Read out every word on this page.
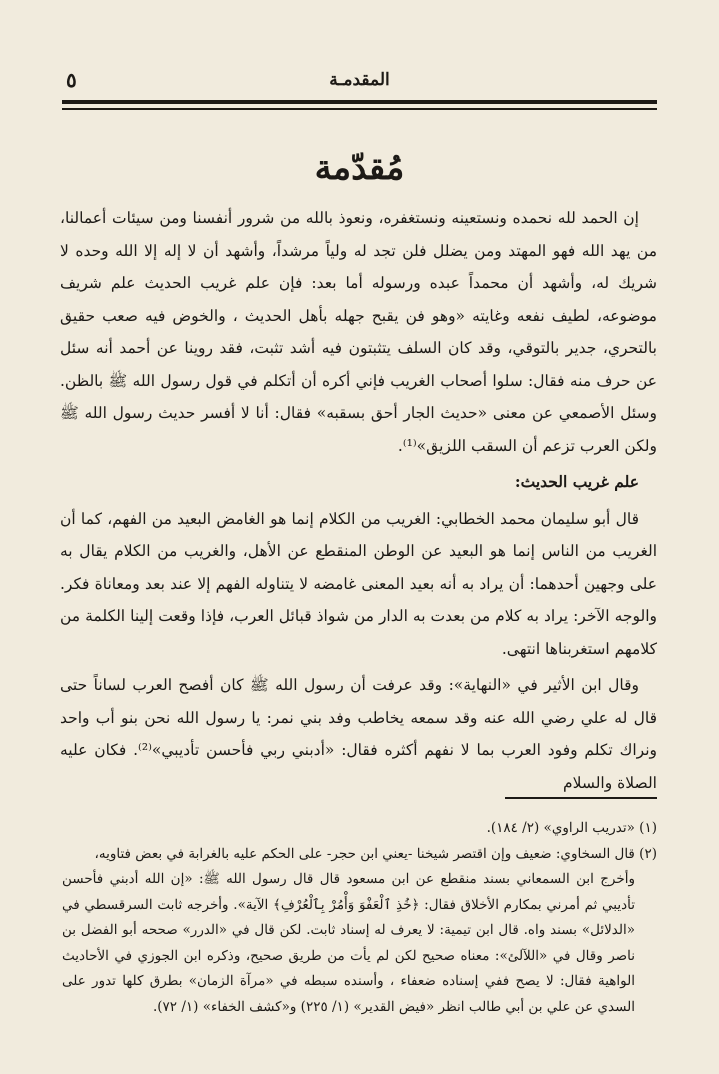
المقدمـة
٥
مُقدّمة

إن الحمد لله نحمده ونستعينه ونستغفره، ونعوذ بالله من شرور أنفسنا ومن سيئات أعمالنا، من يهد الله فهو المهتد ومن يضلل فلن تجد له ولياً مرشداً، وأشهد أن لا إله إلا الله وحده لا شريك له، وأشهد أن محمداً عبده ورسوله أما بعد: فإن علم غريب الحديث علم شريف موضوعه، لطيف نفعه وغايته «وهو فن يقبح جهله بأهل الحديث ، والخوض فيه صعب حقيق بالتحري، جدير بالتوقي، وقد كان السلف يتثبتون فيه أشد تثبت، فقد روينا عن أحمد أنه سئل عن حرف منه فقال: سلوا أصحاب الغريب فإني أكره أن أتكلم في قول رسول الله ﷺ بالظن. وسئل الأصمعي عن معنى «حديث الجار أحق بسقبه» فقال: أنا لا أفسر حديث رسول الله ﷺ ولكن العرب تزعم أن السقب اللزيق»⁽¹⁾.

علم غريب الحديث:

قال أبو سليمان محمد الخطابي: الغريب من الكلام إنما هو الغامض البعيد من الفهم، كما أن الغريب من الناس إنما هو البعيد عن الوطن المنقطع عن الأهل، والغريب من الكلام يقال به على وجهين أحدهما: أن يراد به أنه بعيد المعنى غامضه لا يتناوله الفهم إلا عند بعد ومعاناة فكر. والوجه الآخر: يراد به كلام من بعدت به الدار من شواذ قبائل العرب، فإذا وقعت إلينا الكلمة من كلامهم استغربناها انتهى.

وقال ابن الأثير في «النهاية»: وقد عرفت أن رسول الله ﷺ كان أفصح العرب لساناً حتى قال له علي رضي الله عنه وقد سمعه يخاطب وفد بني نمر: يا رسول الله نحن بنو أب واحد ونراك تكلم وفود العرب بما لا نفهم أكثره فقال: «أدبني ربي فأحسن تأديبي»⁽²⁾. فكان عليه الصلاة والسلام

(١) «تدريب الراوي» (٢/ ١٨٤).

(٢) قال السخاوي: ضعيف وإن اقتصر شيخنا -يعني ابن حجر- على الحكم عليه بالغرابة في بعض فتاويه،

وأخرج ابن السمعاني بسند منقطع عن ابن مسعود قال قال رسول الله ﷺ: «إن الله أدبني فأحسن تأديبي ثم أمرني بمكارم الأخلاق فقال: ﴿خُذِ ٱلْعَفْوَ وَأْمُرْ بِٱلْعُرْفِ﴾ الآية». وأخرجه ثابت السرقسطي في «الدلائل» بسند واه. قال ابن تيمية: لا يعرف له إسناد ثابت. لكن قال في «الدرر» صححه أبو الفضل بن ناصر وقال في «اللآلئ»: معناه صحيح لكن لم يأت من طريق صحيح، وذكره ابن الجوزي في الأحاديث الواهية فقال: لا يصح ففي إسناده ضعفاء ، وأسنده سبطه في «مرآة الزمان» بطرق كلها تدور على السدي عن علي بن أبي طالب انظر «فيض القدير» (١/ ٢٢٥) و«كشف الخفاء» (١/ ٧٢).
